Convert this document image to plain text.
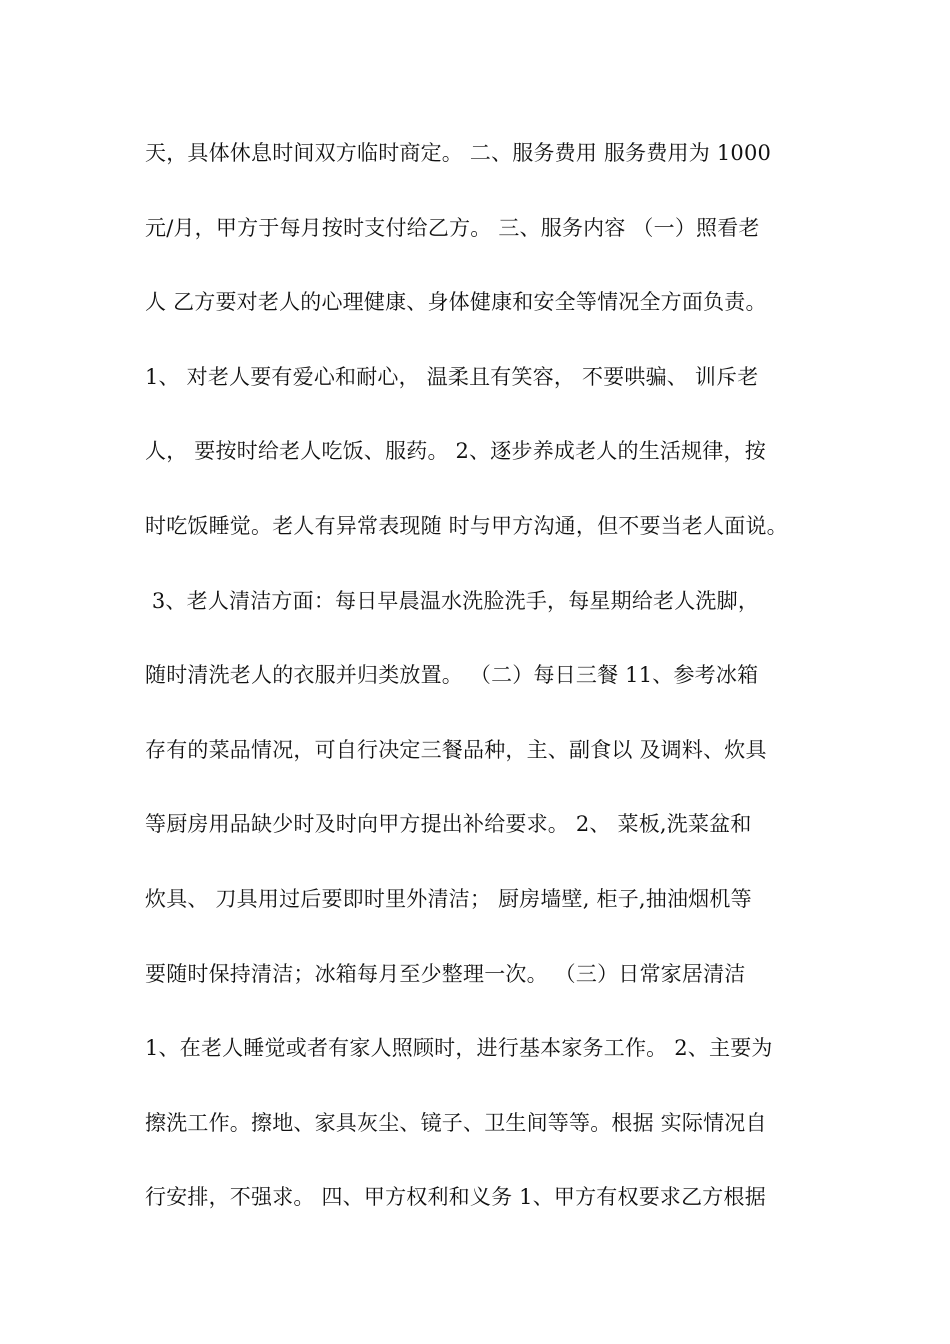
天，具体休息时间双方临时商定。 二、服务费用 服务费用为 1000
元/月，甲方于每月按时支付给乙方。 三、服务内容 （一）照看老
人 乙方要对老人的心理健康、身体健康和安全等情况全方面负责。
1、 对老人要有爱心和耐心， 温柔且有笑容， 不要哄骗、 训斥老
人， 要按时给老人吃饭、服药。 2、逐步养成老人的生活规律，按
时吃饭睡觉。老人有异常表现随 时与甲方沟通，但不要当老人面说。
3、老人清洁方面：每日早晨温水洗脸洗手，每星期给老人洗脚，
随时清洗老人的衣服并归类放置。 （二）每日三餐 11、参考冰箱
存有的菜品情况，可自行决定三餐品种，主、副食以 及调料、炊具
等厨房用品缺少时及时向甲方提出补给要求。 2、 菜板,洗菜盆和
炊具、 刀具用过后要即时里外清洁； 厨房墙壁, 柜子,抽油烟机等
要随时保持清洁；冰箱每月至少整理一次。 （三）日常家居清洁
1、在老人睡觉或者有家人照顾时，进行基本家务工作。 2、主要为
擦洗工作。擦地、家具灰尘、镜子、卫生间等等。根据 实际情况自
行安排，不强求。 四、甲方权利和义务 1、甲方有权要求乙方根据
